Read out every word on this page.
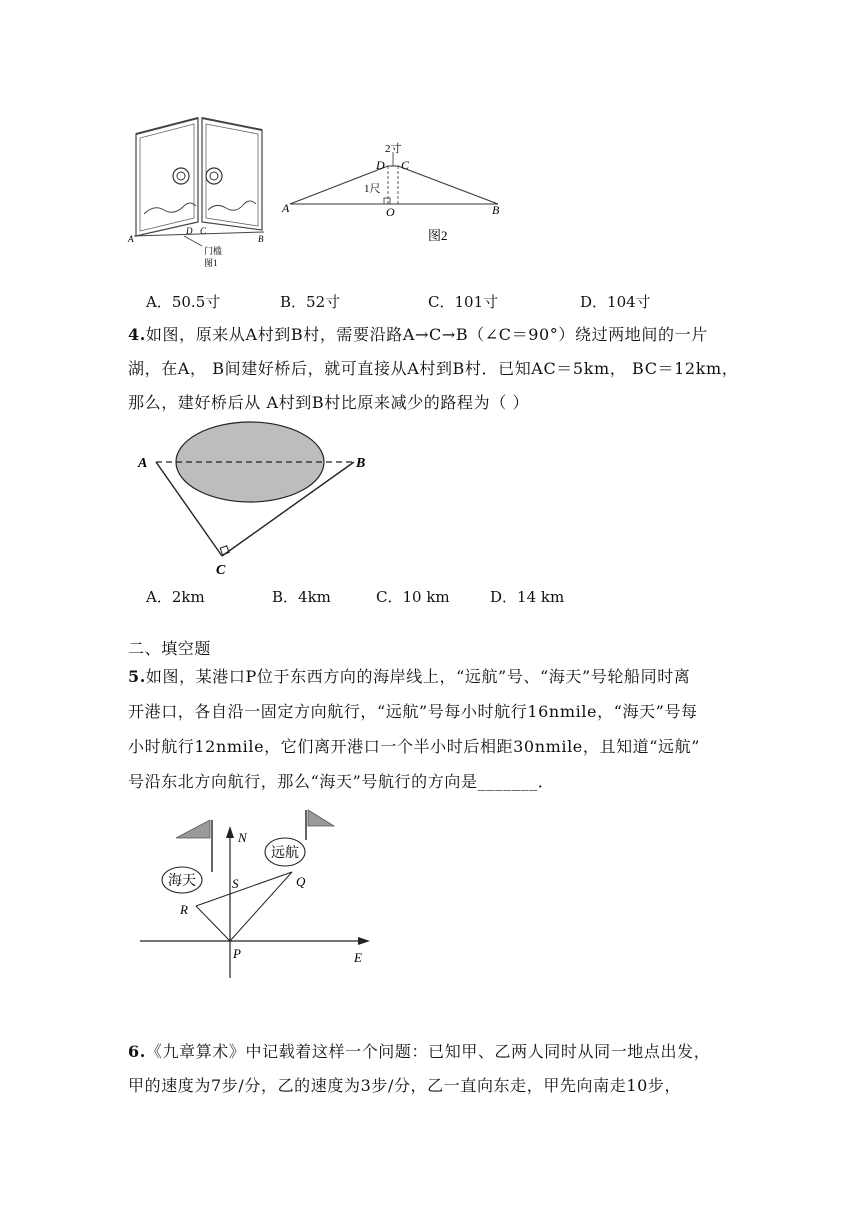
A
D C
B
门槛
图1
2寸
D C
1尺
A	O	B
图2
A．50.5寸	B．52寸	C．101寸	D．104寸
4.如图，原来从A村到B村，需要沿路A→C→B（∠C＝90°）绕过两地间的一片
湖，在A， B间建好桥后，就可直接从A村到B村．已知AC＝5km， BC＝12km，
那么，建好桥后从 A村到B村比原来减少的路程为（ ）
A	B
C
A．2km	B．4km	C．10 km	D．14 km
二、填空题
5.如图，某港口P位于东西方向的海岸线上，“远航”号、“海天”号轮船同时离
开港口，各自沿一固定方向航行，“远航”号每小时航行16nmile，“海天”号每
小时航行12nmile，它们离开港口一个半小时后相距30nmile，且知道“远航”
号沿东北方向航行，那么“海天”号航行的方向是_______．
N
E
P
Q
R
S
远航
海天
6.《九章算术》中记载着这样一个问题：已知甲、乙两人同时从同一地点出发，
甲的速度为7步/分，乙的速度为3步/分，乙一直向东走，甲先向南走10步，
